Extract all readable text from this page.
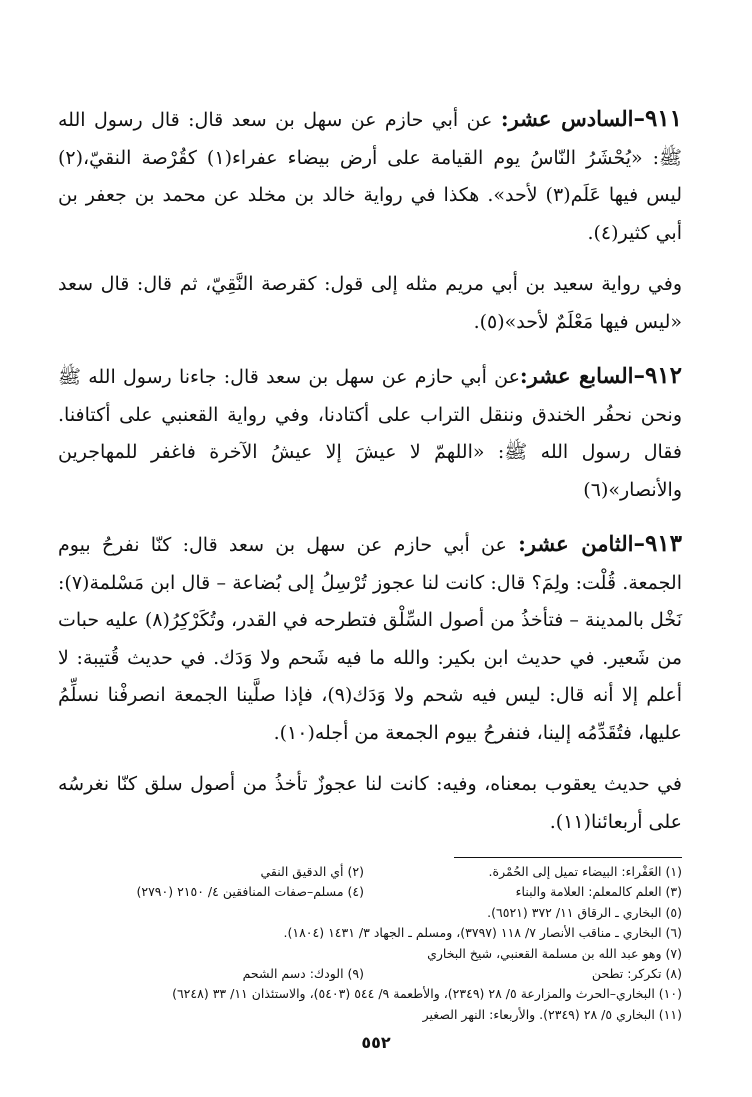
٩١١–السادس عشر: عن أبي حازم عن سهل بن سعد قال: قال رسول الله ﷺ: «يُحْشَرُ النّاسُ يوم القيامة على أرض بيضاء عفراء(١) كقُرْصة النقيّ،(٢) ليس فيها عَلَم(٣) لأحد». هكذا في رواية خالد بن مخلد عن محمد بن جعفر بن أبي كثير(٤).

وفي رواية سعيد بن أبي مريم مثله إلى قول: كقرصة النَّقِيّ، ثم قال: قال سعد «ليس فيها مَعْلَمٌ لأحد»(٥).

٩١٢–السابع عشر:عن أبي حازم عن سهل بن سعد قال: جاءنا رسول الله ﷺ ونحن نحفُر الخندق وننقل التراب على أكتادنا، وفي رواية القعنبي على أكتافنا. فقال رسول الله ﷺ: «اللهمّ لا عيشَ إلا عيشُ الآخرة فاغفر للمهاجرين والأنصار»(٦)

٩١٣–الثامن عشر: عن أبي حازم عن سهل بن سعد قال: كنّا نفرحُ بيوم الجمعة. قُلْت: ولِمَ؟ قال: كانت لنا عجوز تُرْسِلُ إلى بُضاعة – قال ابن مَسْلمة(٧): نَخْل بالمدينة – فتأخذُ من أصول السِّلْق فتطرحه في القدر، وتُكَرْكِرُ(٨) عليه حبات من شَعير. في حديث ابن بكير: والله ما فيه شَحم ولا وَدَك. في حديث قُتيبة: لا أعلم إلا أنه قال: ليس فيه شحم ولا وَدَك(٩)، فإذا صلَّينا الجمعة انصرفْنا نسلِّمُ عليها، فتُقَدِّمُه إلينا، فنفرحُ بيوم الجمعة من أجله(١٠).

في حديث يعقوب بمعناه، وفيه: كانت لنا عجوزٌ تأخذُ من أصول سلق كنّا نغرسُه على أربعائنا(١١).

(١) العَفْراء: البيضاء تميل إلى الحُمْرة.
(٢) أي الدقيق النقي
(٣) العلم كالمعلم: العلامة والبناء
(٤) مسلم–صفات المنافقين ٤/ ٢١٥٠ (٢٧٩٠)
(٥) البخاري ـ الرقاق ١١/ ٣٧٢ (٦٥٢١).
(٦) البخاري ـ مناقب الأنصار ٧/ ١١٨ (٣٧٩٧)، ومسلم ـ الجهاد ٣/ ١٤٣١ (١٨٠٤).
(٧) وهو عبد الله بن مسلمة القعنبي، شيخ البخاري
(٨) تكركر: تطحن
(٩) الودك: دسم الشحم
(١٠) البخاري–الحرث والمزارعة ٥/ ٢٨ (٢٣٤٩)، والأطعمة ٩/ ٥٤٤ (٥٤٠٣)، والاستئذان ١١/ ٣٣ (٦٢٤٨)
(١١) البخاري ٥/ ٢٨ (٢٣٤٩). والأربعاء: النهر الصغير
٥٥٢
